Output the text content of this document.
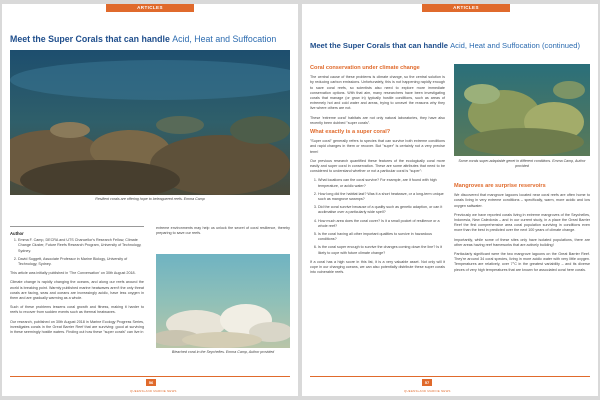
ARTICLES
Meet the Super Corals that can handle Acid, Heat and Suffocation
Resilient corals are offering hope to beleaguered reefs. Emma Camp
Author
1. Emma F. Camp, DECRA and UTS Chancellor's Research Fellow, Climate Change Cluster, Future Reefs Research Program, University of Technology, Sydney.
2. David Suggett, Associate Professor in Marine Biology, University of Technology, Sydney.

This article was initially published in 'The Conversation' on 30th August 2018.

Climate change is rapidly changing the oceans, and along our reefs around the world is breaking point. Warmly published marine heatwaves aren't the only threat corals are facing, seas and oceans are increasingly acidic, have less oxygen in them and are gradually warming as a whole.

Such of these problems lessens coral growth and fitness, making it harder to reefs to recover from sudden events such as thermal heatwaves.

Our research, published on 30th August 2018 in Marine Ecology Progress Series, investigates corals in the Great Barrier Reef that are surviving: good at surviving in these seemingly hostile waters. Finding out how these "super corals" can live in

extreme environments may help us unlock the secret of coral resilience, thereby preparing to save our reefs.

Bleached coral in the Seychelles. Emma Camp, Author provided
56
QUEENSLAND MARINE NEWS
ARTICLES
Meet the Super Corals that can handle Acid, Heat and Suffocation (continued)
Coral conservation under climate change

The central cause of these problems is climate change, so the central solution is by reducing carbon emissions. Unfortunately, this is not happening rapidly enough to save coral reefs, so scientists also need to explore more immediate conservation options. With that aim, many researchers have been investigating corals that manage (or grow in) typically hostile conditions, such as areas of extremely hot and cold water and areas, trying to unravel the reasons why they live where others are not.

These 'extreme coral' habitats are not only natural laboratories, they have also recently been dubbed "super corals".

What exactly is a super coral?

"Super coral" generally refers to species that can survive both extreme conditions and rapid changes in them or recover. But "super" is certainly not a very precise term!

Our previous research quantified these features of the ecologically coral more easily and super coral in conservation. These are some attributes that need to be considered to understand whether or not a particular coral is "super":

1. What locations can the coral survive? For example, are it found with high temperature, or acidic water?
2. How long did the habitat last? Was it a short heatwave, or a long-term unique such as mangrove swamps?
3. Did the coral survive because of a quality such as genetic adaption, or can it acclimatise over a particularly wide spell?
4. How much area does the coral cover? Is it a small pocket of resilience or a whole reef?
5. Is the coral having all other important qualities to survive in hazardous conditions?
6. Is the coral super enough to survive the changes coming down the line? Is it likely to cope with future climate change?

If a coral has a high score in this list, it is a very valuable asset. Not only will it cope in our changing oceans, we can also potentially distribute these super corals into vulnerable reefs.

Some corals super-adaptable genet in different conditions. Emma Camp, Author provided
Mangroves are surprise reservoirs

We discovered that mangrove lagoons located near coral reefs are often home to corals living in very extreme conditions – specifically, warm, more acidic and low oxygen saltwater.

Previously we have reported corals living in extreme mangroves of the Seychelles, Indonesia, New Caledonia – and in our current study, in a place the Great Barrier Reef the first comprehensive area coral population surviving in conditions even more than the best in predicted over the next 100 years of climate change.

Importantly, while some of these sites only have isolated populations, there are other areas having reef frameworks that are actively building!

Particularly significant were the two mangrove lagoons on the Great Barrier Reef. They're around 34 coral species, living in more acidic water with very little oxygen. Temperatures are relatively, over 7°C in the greatest variability – and its diverse pieces of very high temperatures that are known for associated coral here corals.

57
QUEENSLAND MARINE NEWS
